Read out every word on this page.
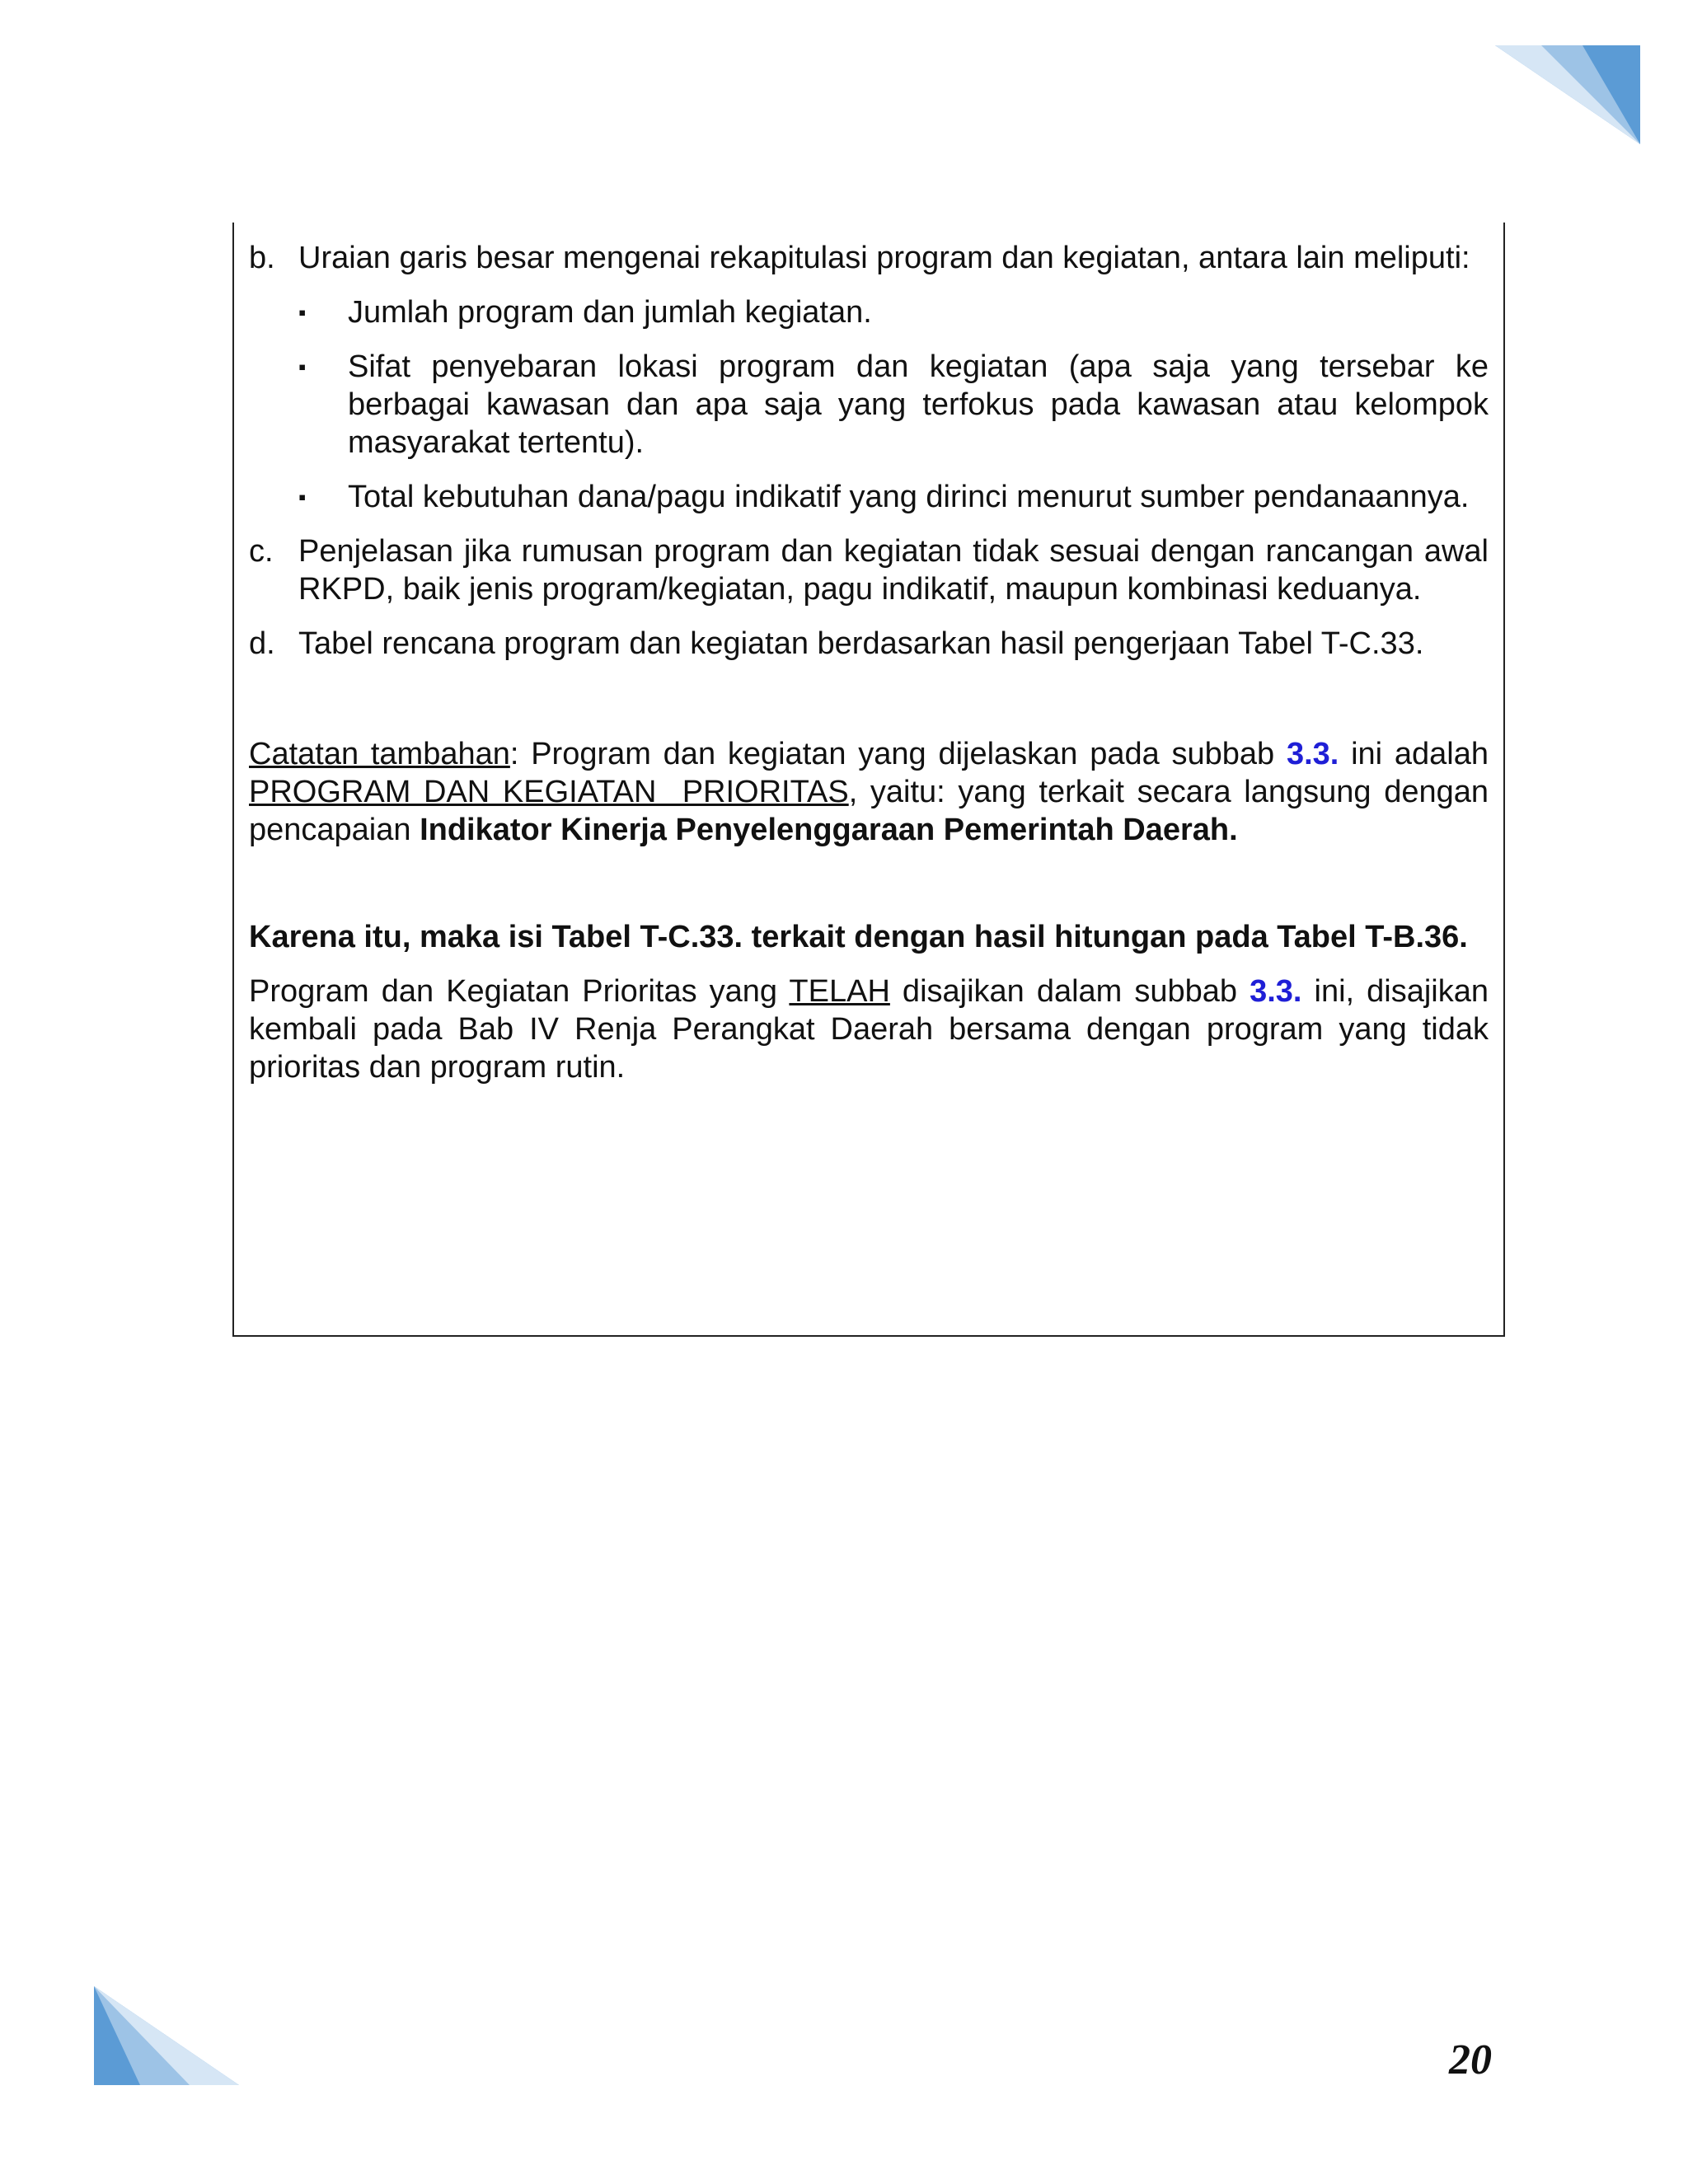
b. Uraian garis besar mengenai rekapitulasi program dan kegiatan, antara lain meliputi:
▪	Jumlah program dan jumlah kegiatan.
▪	Sifat penyebaran lokasi program dan kegiatan (apa saja yang tersebar ke berbagai kawasan dan apa saja yang terfokus pada kawasan atau kelompok masyarakat tertentu).
▪	Total kebutuhan dana/pagu indikatif yang dirinci menurut sumber pendanaannya.
c. Penjelasan jika rumusan program dan kegiatan tidak sesuai dengan rancangan awal RKPD, baik jenis program/kegiatan, pagu indikatif, maupun kombinasi keduanya.
d. Tabel rencana program dan kegiatan berdasarkan hasil pengerjaan Tabel T-C.33.

Catatan tambahan: Program dan kegiatan yang dijelaskan pada subbab 3.3. ini adalah PROGRAM DAN KEGIATAN  PRIORITAS, yaitu: yang terkait secara langsung dengan pencapaian Indikator Kinerja Penyelenggaraan Pemerintah Daerah.

Karena itu, maka isi Tabel T-C.33. terkait dengan hasil hitungan pada Tabel T-B.36.

Program dan Kegiatan Prioritas yang TELAH disajikan dalam subbab 3.3. ini, disajikan kembali pada Bab IV Renja Perangkat Daerah bersama dengan program yang tidak prioritas dan program rutin.

20
